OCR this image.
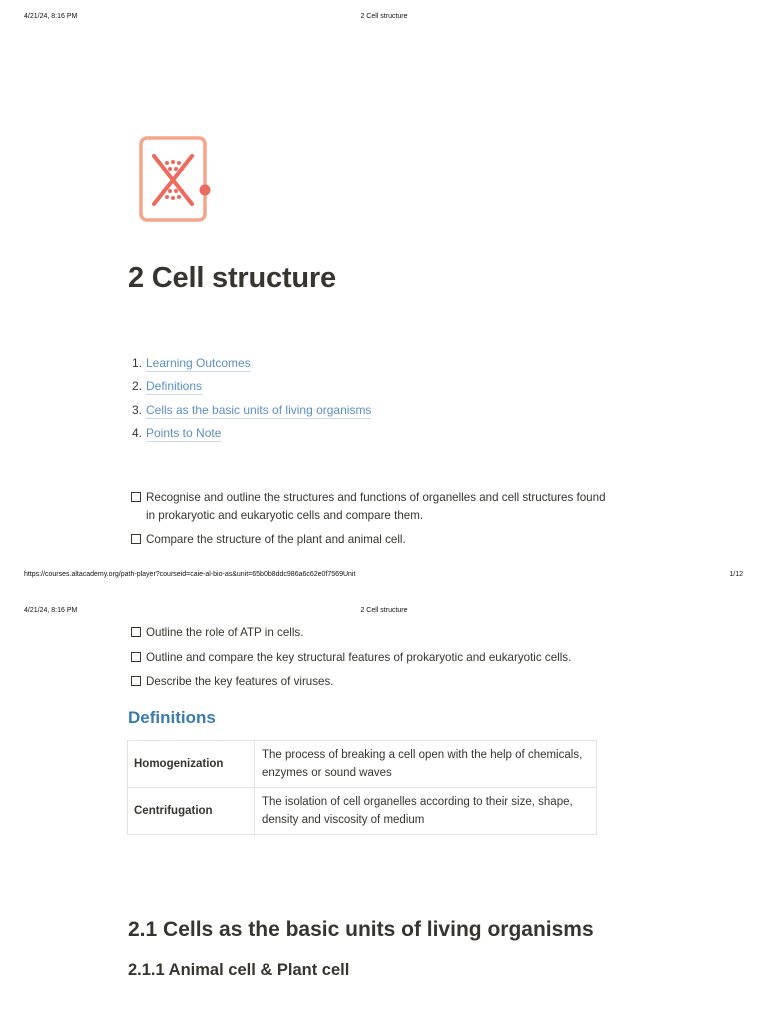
4/21/24, 8:16 PM	2 Cell structure
2 Cell structure
1. Learning Outcomes
2. Definitions
3. Cells as the basic units of living organisms
4. Points to Note
Recognise and outline the structures and functions of organelles and cell structures found in prokaryotic and eukaryotic cells and compare them.
Compare the structure of the plant and animal cell.
https://courses.altacademy.org/path-player?courseid=caie-al-bio-as&unit=65b0b8ddc986a6c62e0f7569Unit	1/12
4/21/24, 8:16 PM	2 Cell structure
Outline the role of ATP in cells.
Outline and compare the key structural features of prokaryotic and eukaryotic cells.
Describe the key features of viruses.
Definitions
Homogenization	The process of breaking a cell open with the help of chemicals, enzymes or sound waves
Centrifugation	The isolation of cell organelles according to their size, shape, density and viscosity of medium
2.1 Cells as the basic units of living organisms
2.1.1 Animal cell & Plant cell
